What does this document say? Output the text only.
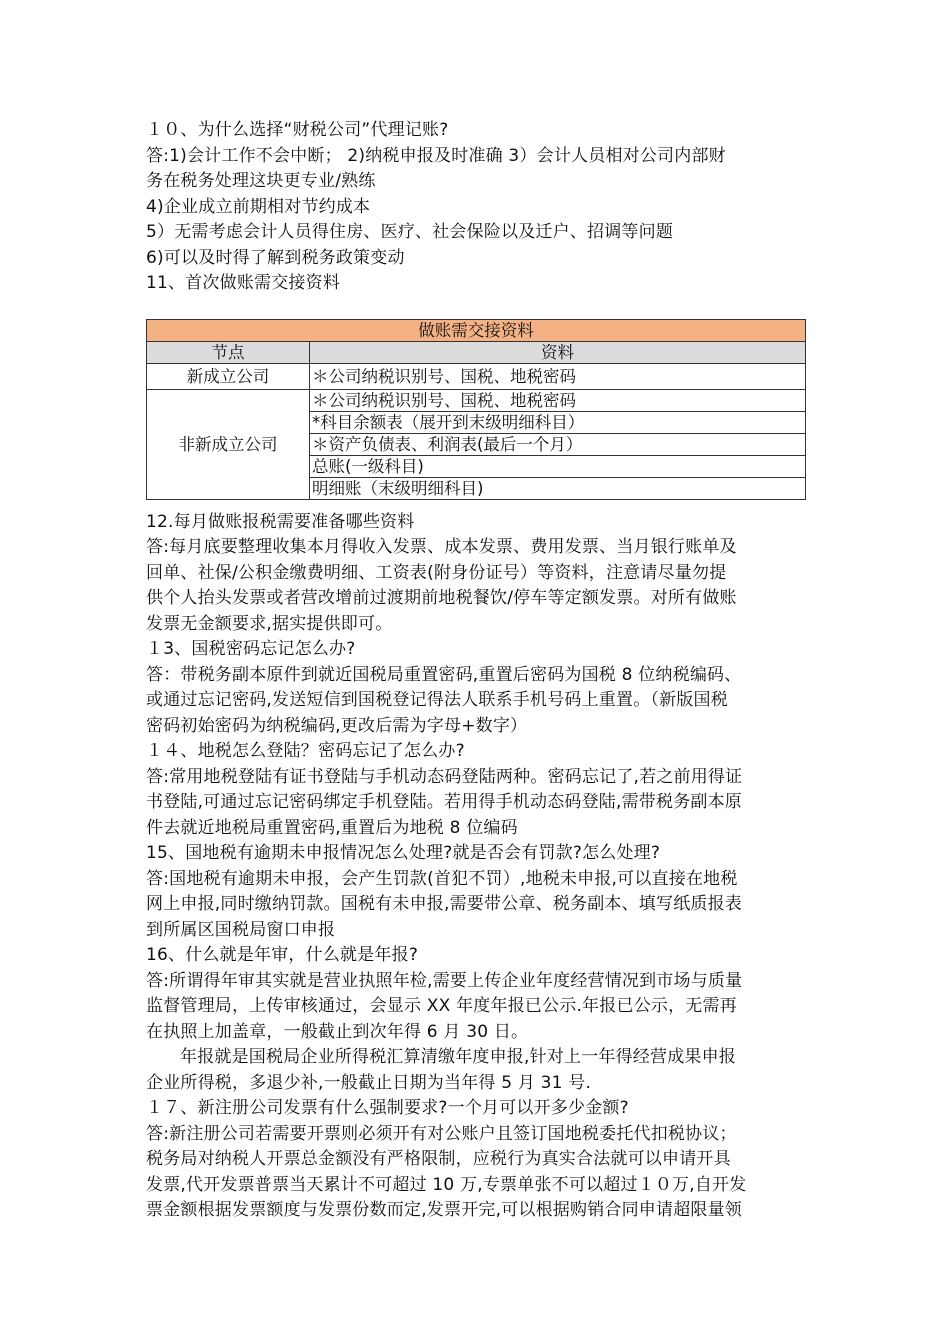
１０、为什么选择“财税公司”代理记账?
答:1)会计工作不会中断； 2)纳税申报及时准确 3）会计人员相对公司内部财
务在税务处理这块更专业/熟练
4)企业成立前期相对节约成本
5）无需考虑会计人员得住房、医疗、社会保险以及迁户、招调等问题
6)可以及时得了解到税务政策变动
11、首次做账需交接资料
做账需交接资料	
节点	资料
新成立公司	＊公司纳税识别号、国税、地税密码
非新成立公司	＊公司纳税识别号、国税、地税密码
	*科目余额表（展开到末级明细科目）
	＊资产负债表、利润表(最后一个月）
	总账(一级科目)
	明细账（末级明细科目)
12.每月做账报税需要准备哪些资料
答:每月底要整理收集本月得收入发票、成本发票、费用发票、当月银行账单及
回单、社保/公积金缴费明细、工资表(附身份证号）等资料，注意请尽量勿提
供个人抬头发票或者营改增前过渡期前地税餐饮/停车等定额发票。对所有做账
发票无金额要求,据实提供即可。
１3、国税密码忘记怎么办?
答：带税务副本原件到就近国税局重置密码,重置后密码为国税 8 位纳税编码、
或通过忘记密码,发送短信到国税登记得法人联系手机号码上重置。（新版国税
密码初始密码为纳税编码,更改后需为字母+数字）
１４、地税怎么登陆？密码忘记了怎么办?
答:常用地税登陆有证书登陆与手机动态码登陆两种。密码忘记了,若之前用得证
书登陆,可通过忘记密码绑定手机登陆。若用得手机动态码登陆,需带税务副本原
件去就近地税局重置密码,重置后为地税 8 位编码
15、国地税有逾期未申报情况怎么处理?就是否会有罚款?怎么处理?
答:国地税有逾期未申报，会产生罚款(首犯不罚）,地税未申报,可以直接在地税
网上申报,同时缴纳罚款。国税有未申报,需要带公章、税务副本、填写纸质报表
到所属区国税局窗口申报
16、什么就是年审，什么就是年报?
答:所谓得年审其实就是营业执照年检,需要上传企业年度经营情况到市场与质量
监督管理局，上传审核通过，会显示 XX 年度年报已公示.年报已公示，无需再
在执照上加盖章，一般截止到次年得 6 月 30 日。
年报就是国税局企业所得税汇算清缴年度申报,针对上一年得经营成果申报
企业所得税，多退少补,一般截止日期为当年得 5 月 31 号.
１７、新注册公司发票有什么强制要求?一个月可以开多少金额?
答:新注册公司若需要开票则必须开有对公账户且签订国地税委托代扣税协议；
税务局对纳税人开票总金额没有严格限制，应税行为真实合法就可以申请开具
发票,代开发票普票当天累计不可超过 10 万,专票单张不可以超过１０万,自开发
票金额根据发票额度与发票份数而定,发票开完,可以根据购销合同申请超限量领
